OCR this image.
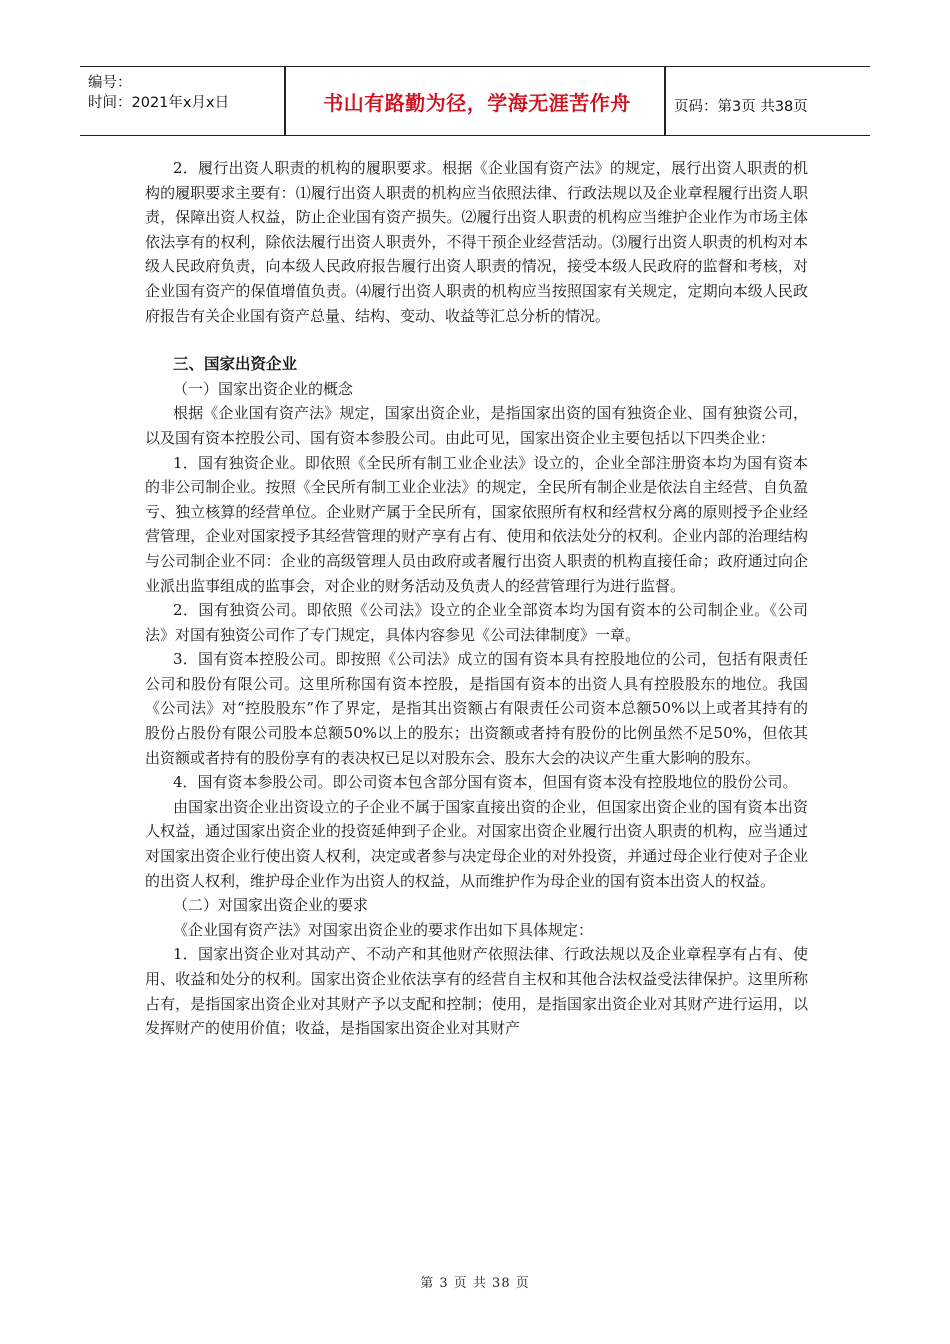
编号：
时间：2021年x月x日	书山有路勤为径，学海无涯苦作舟	页码：第3页 共38页

2．履行出资人职责的机构的履职要求。根据《企业国有资产法》的规定，展行出资人职责的机构的履职要求主要有：⑴履行出资人职责的机构应当依照法律、行政法规以及企业章程履行出资人职责，保障出资人权益，防止企业国有资产损失。⑵履行出资人职责的机构应当维护企业作为市场主体依法享有的权利，除依法履行出资人职责外，不得干预企业经营活动。⑶履行出资人职责的机构对本级人民政府负责，向本级人民政府报告履行出资人职责的情况，接受本级人民政府的监督和考核，对企业国有资产的保值增值负责。⑷履行出资人职责的机构应当按照国家有关规定，定期向本级人民政府报告有关企业国有资产总量、结构、变动、收益等汇总分析的情况。

三、国家出资企业

（一）国家出资企业的概念

根据《企业国有资产法》规定，国家出资企业，是指国家出资的国有独资企业、国有独资公司，以及国有资本控股公司、国有资本参股公司。由此可见，国家出资企业主要包括以下四类企业：

1．国有独资企业。即依照《全民所有制工业企业法》设立的，企业全部注册资本均为国有资本的非公司制企业。按照《全民所有制工业企业法》的规定，全民所有制企业是依法自主经营、自负盈亏、独立核算的经营单位。企业财产属于全民所有，国家依照所有权和经营权分离的原则授予企业经营管理，企业对国家授予其经营管理的财产享有占有、使用和依法处分的权利。企业内部的治理结构与公司制企业不同：企业的高级管理人员由政府或者履行出资人职责的机构直接任命；政府通过向企业派出监事组成的监事会，对企业的财务活动及负责人的经营管理行为进行监督。

2．国有独资公司。即依照《公司法》设立的企业全部资本均为国有资本的公司制企业。《公司法》对国有独资公司作了专门规定，具体内容参见《公司法律制度》一章。

3．国有资本控股公司。即按照《公司法》成立的国有资本具有控股地位的公司，包括有限责任公司和股份有限公司。这里所称国有资本控股，是指国有资本的出资人具有控股股东的地位。我国《公司法》对“控股股东”作了界定，是指其出资额占有限责任公司资本总额50%以上或者其持有的股份占股份有限公司股本总额50%以上的股东；出资额或者持有股份的比例虽然不足50%，但依其出资额或者持有的股份享有的表决权已足以对股东会、股东大会的决议产生重大影响的股东。

4．国有资本参股公司。即公司资本包含部分国有资本，但国有资本没有控股地位的股份公司。

由国家出资企业出资设立的子企业不属于国家直接出资的企业，但国家出资企业的国有资本出资人权益，通过国家出资企业的投资延伸到子企业。对国家出资企业履行出资人职责的机构，应当通过对国家出资企业行使出资人权利，决定或者参与决定母企业的对外投资，并通过母企业行使对子企业的出资人权利，维护母企业作为出资人的权益，从而维护作为母企业的国有资本出资人的权益。

（二）对国家出资企业的要求

《企业国有资产法》对国家出资企业的要求作出如下具体规定：

1．国家出资企业对其动产、不动产和其他财产依照法律、行政法规以及企业章程享有占有、使用、收益和处分的权利。国家出资企业依法享有的经营自主权和其他合法权益受法律保护。这里所称占有，是指国家出资企业对其财产予以支配和控制；使用，是指国家出资企业对其财产进行运用，以发挥财产的使用价值；收益，是指国家出资企业对其财产

第 3 页 共 38 页
